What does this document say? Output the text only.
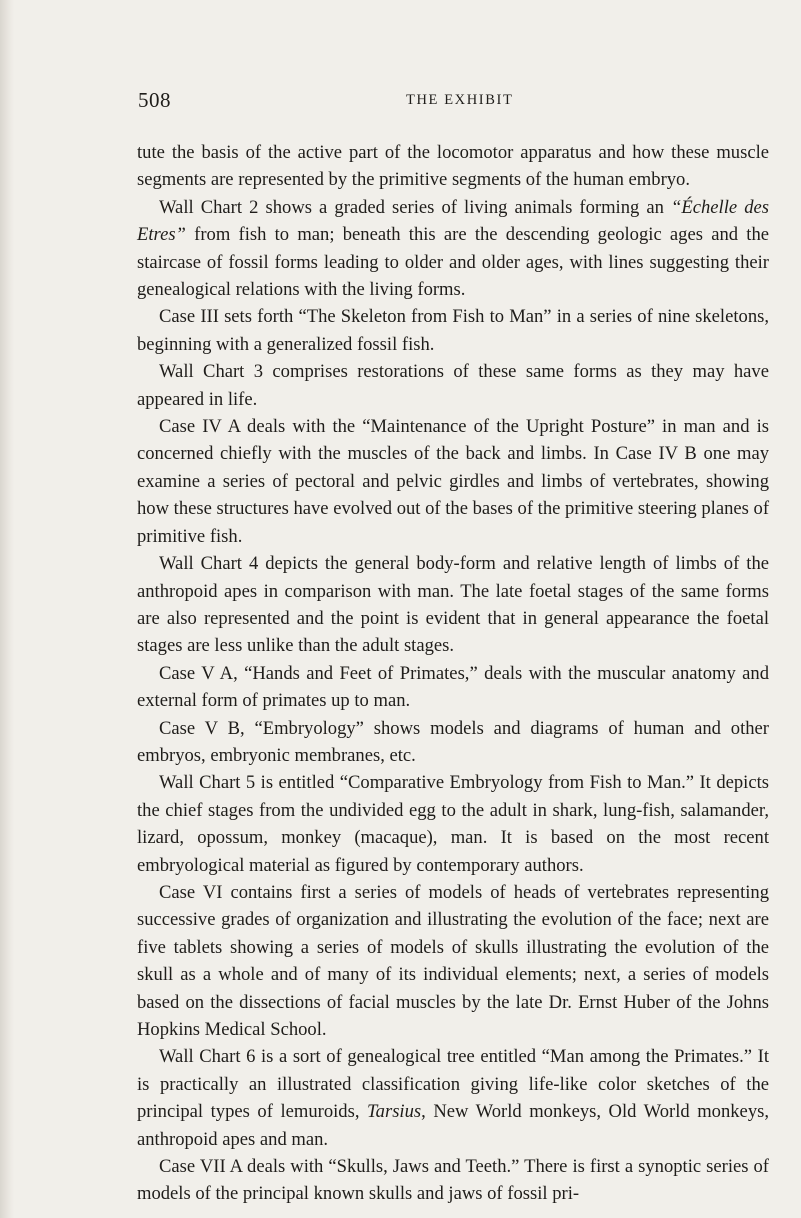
508	THE EXHIBIT

tute the basis of the active part of the locomotor apparatus and how these muscle segments are represented by the primitive segments of the human embryo.

Wall Chart 2 shows a graded series of living animals forming an “Échelle des Etres” from fish to man; beneath this are the descending geologic ages and the staircase of fossil forms leading to older and older ages, with lines suggesting their genealogical relations with the living forms.

Case III sets forth “The Skeleton from Fish to Man” in a series of nine skeletons, beginning with a generalized fossil fish.

Wall Chart 3 comprises restorations of these same forms as they may have appeared in life.

Case IV A deals with the “Maintenance of the Upright Posture” in man and is concerned chiefly with the muscles of the back and limbs. In Case IV B one may examine a series of pectoral and pelvic girdles and limbs of vertebrates, showing how these structures have evolved out of the bases of the primitive steering planes of primitive fish.

Wall Chart 4 depicts the general body-form and relative length of limbs of the anthropoid apes in comparison with man. The late foetal stages of the same forms are also represented and the point is evident that in general appearance the foetal stages are less unlike than the adult stages.

Case V A, “Hands and Feet of Primates,” deals with the muscular anatomy and external form of primates up to man.

Case V B, “Embryology” shows models and diagrams of human and other embryos, embryonic membranes, etc.

Wall Chart 5 is entitled “Comparative Embryology from Fish to Man.” It depicts the chief stages from the undivided egg to the adult in shark, lung-fish, salamander, lizard, opossum, monkey (macaque), man. It is based on the most recent embryological material as figured by contemporary authors.

Case VI contains first a series of models of heads of vertebrates representing successive grades of organization and illustrating the evolution of the face; next are five tablets showing a series of models of skulls illustrating the evolution of the skull as a whole and of many of its individual elements; next, a series of models based on the dissections of facial muscles by the late Dr. Ernst Huber of the Johns Hopkins Medical School.

Wall Chart 6 is a sort of genealogical tree entitled “Man among the Primates.” It is practically an illustrated classification giving life-like color sketches of the principal types of lemuroids, Tarsius, New World monkeys, Old World monkeys, anthropoid apes and man.

Case VII A deals with “Skulls, Jaws and Teeth.” There is first a synoptic series of models of the principal known skulls and jaws of fossil pri-
